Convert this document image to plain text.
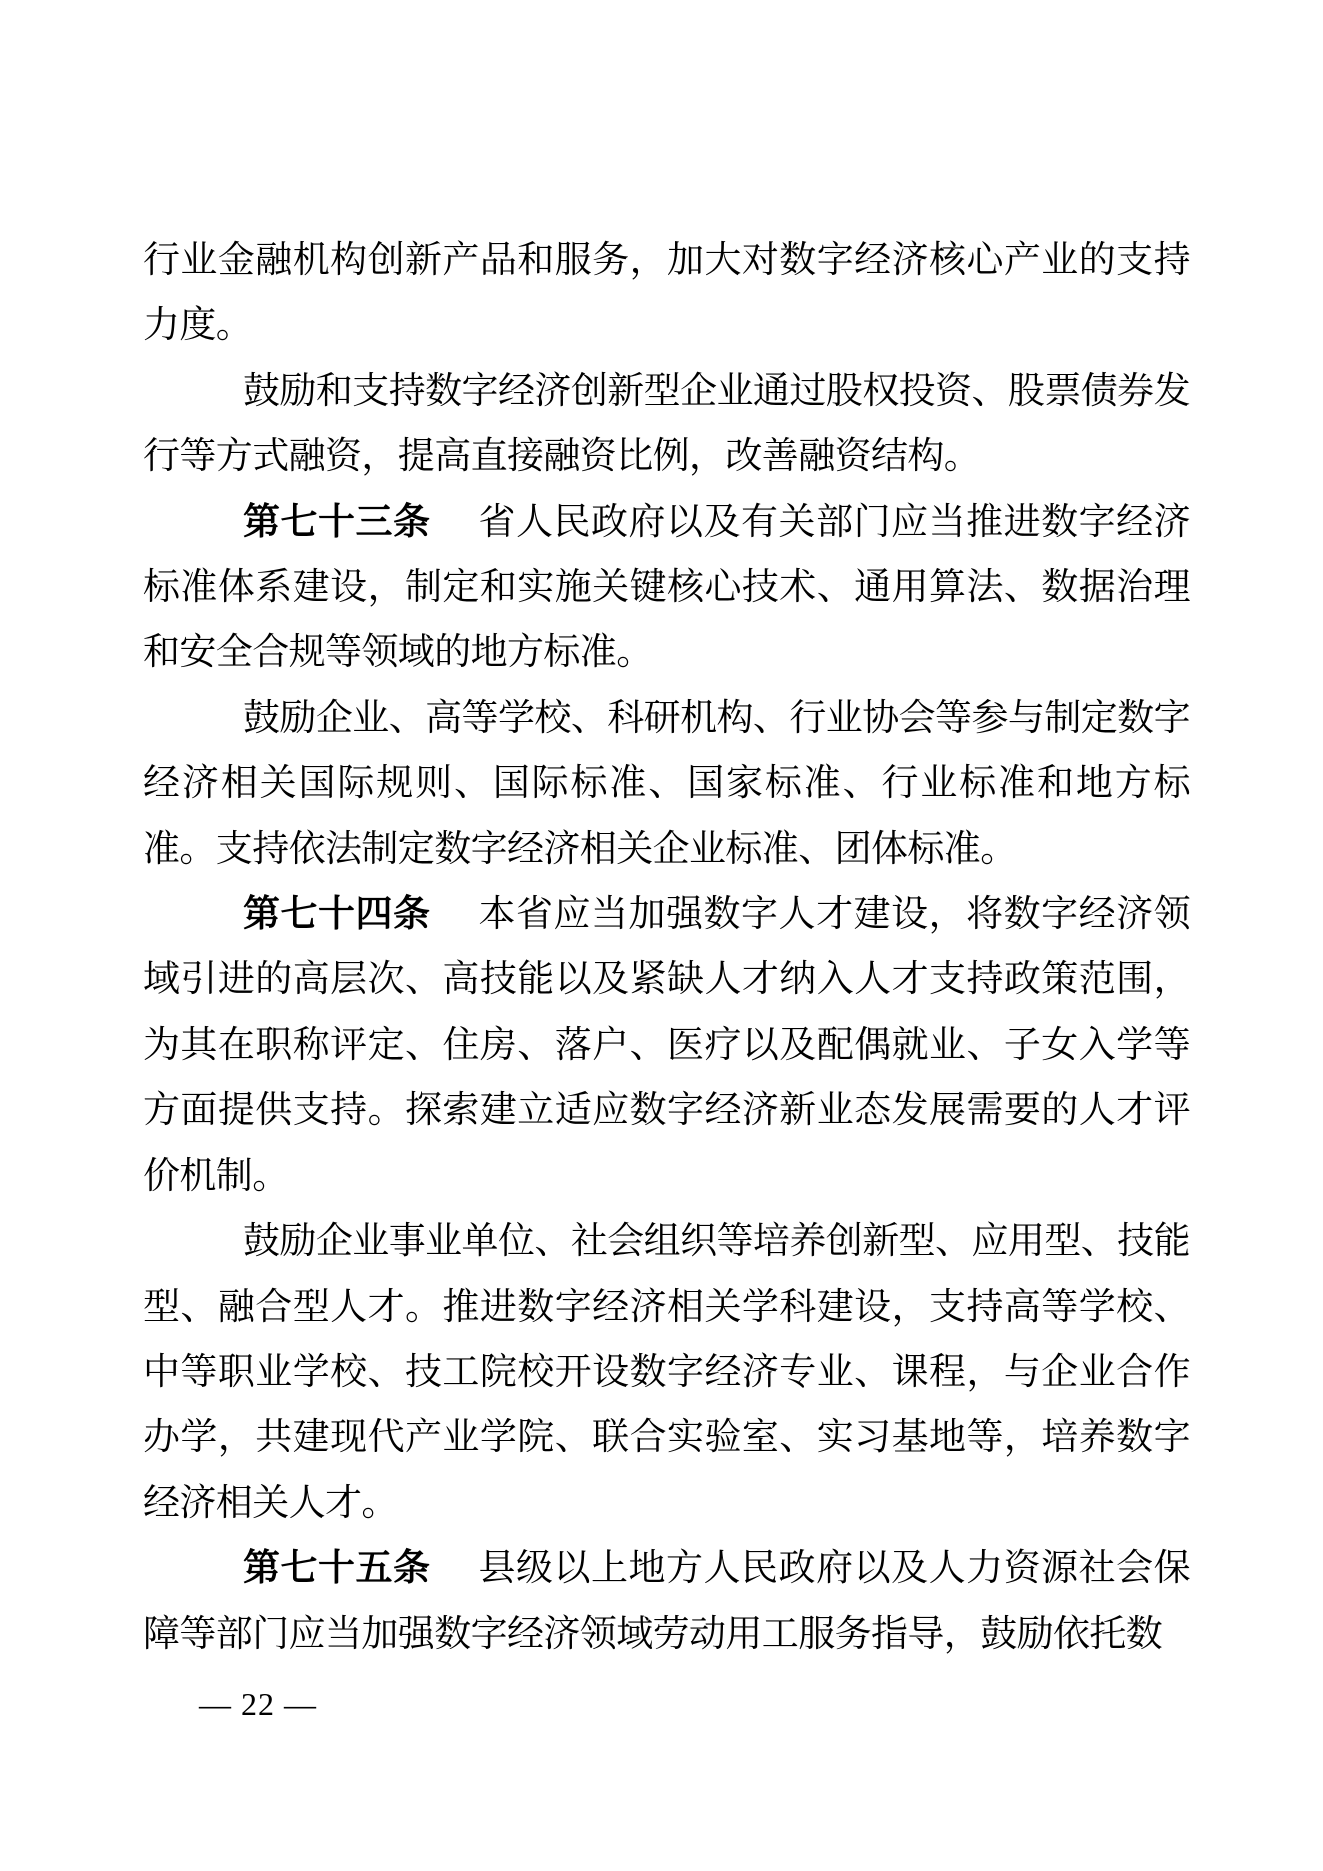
行业金融机构创新产品和服务，加大对数字经济核心产业的支持力度。

鼓励和支持数字经济创新型企业通过股权投资、股票债券发行等方式融资，提高直接融资比例，改善融资结构。

第七十三条 省人民政府以及有关部门应当推进数字经济标准体系建设，制定和实施关键核心技术、通用算法、数据治理和安全合规等领域的地方标准。

鼓励企业、高等学校、科研机构、行业协会等参与制定数字经济相关国际规则、国际标准、国家标准、行业标准和地方标准。支持依法制定数字经济相关企业标准、团体标准。

第七十四条 本省应当加强数字人才建设，将数字经济领域引进的高层次、高技能以及紧缺人才纳入人才支持政策范围，为其在职称评定、住房、落户、医疗以及配偶就业、子女入学等方面提供支持。探索建立适应数字经济新业态发展需要的人才评价机制。

鼓励企业事业单位、社会组织等培养创新型、应用型、技能型、融合型人才。推进数字经济相关学科建设，支持高等学校、中等职业学校、技工院校开设数字经济专业、课程，与企业合作办学，共建现代产业学院、联合实验室、实习基地等，培养数字经济相关人才。

第七十五条 县级以上地方人民政府以及人力资源社会保障等部门应当加强数字经济领域劳动用工服务指导，鼓励依托数

— 22 —
